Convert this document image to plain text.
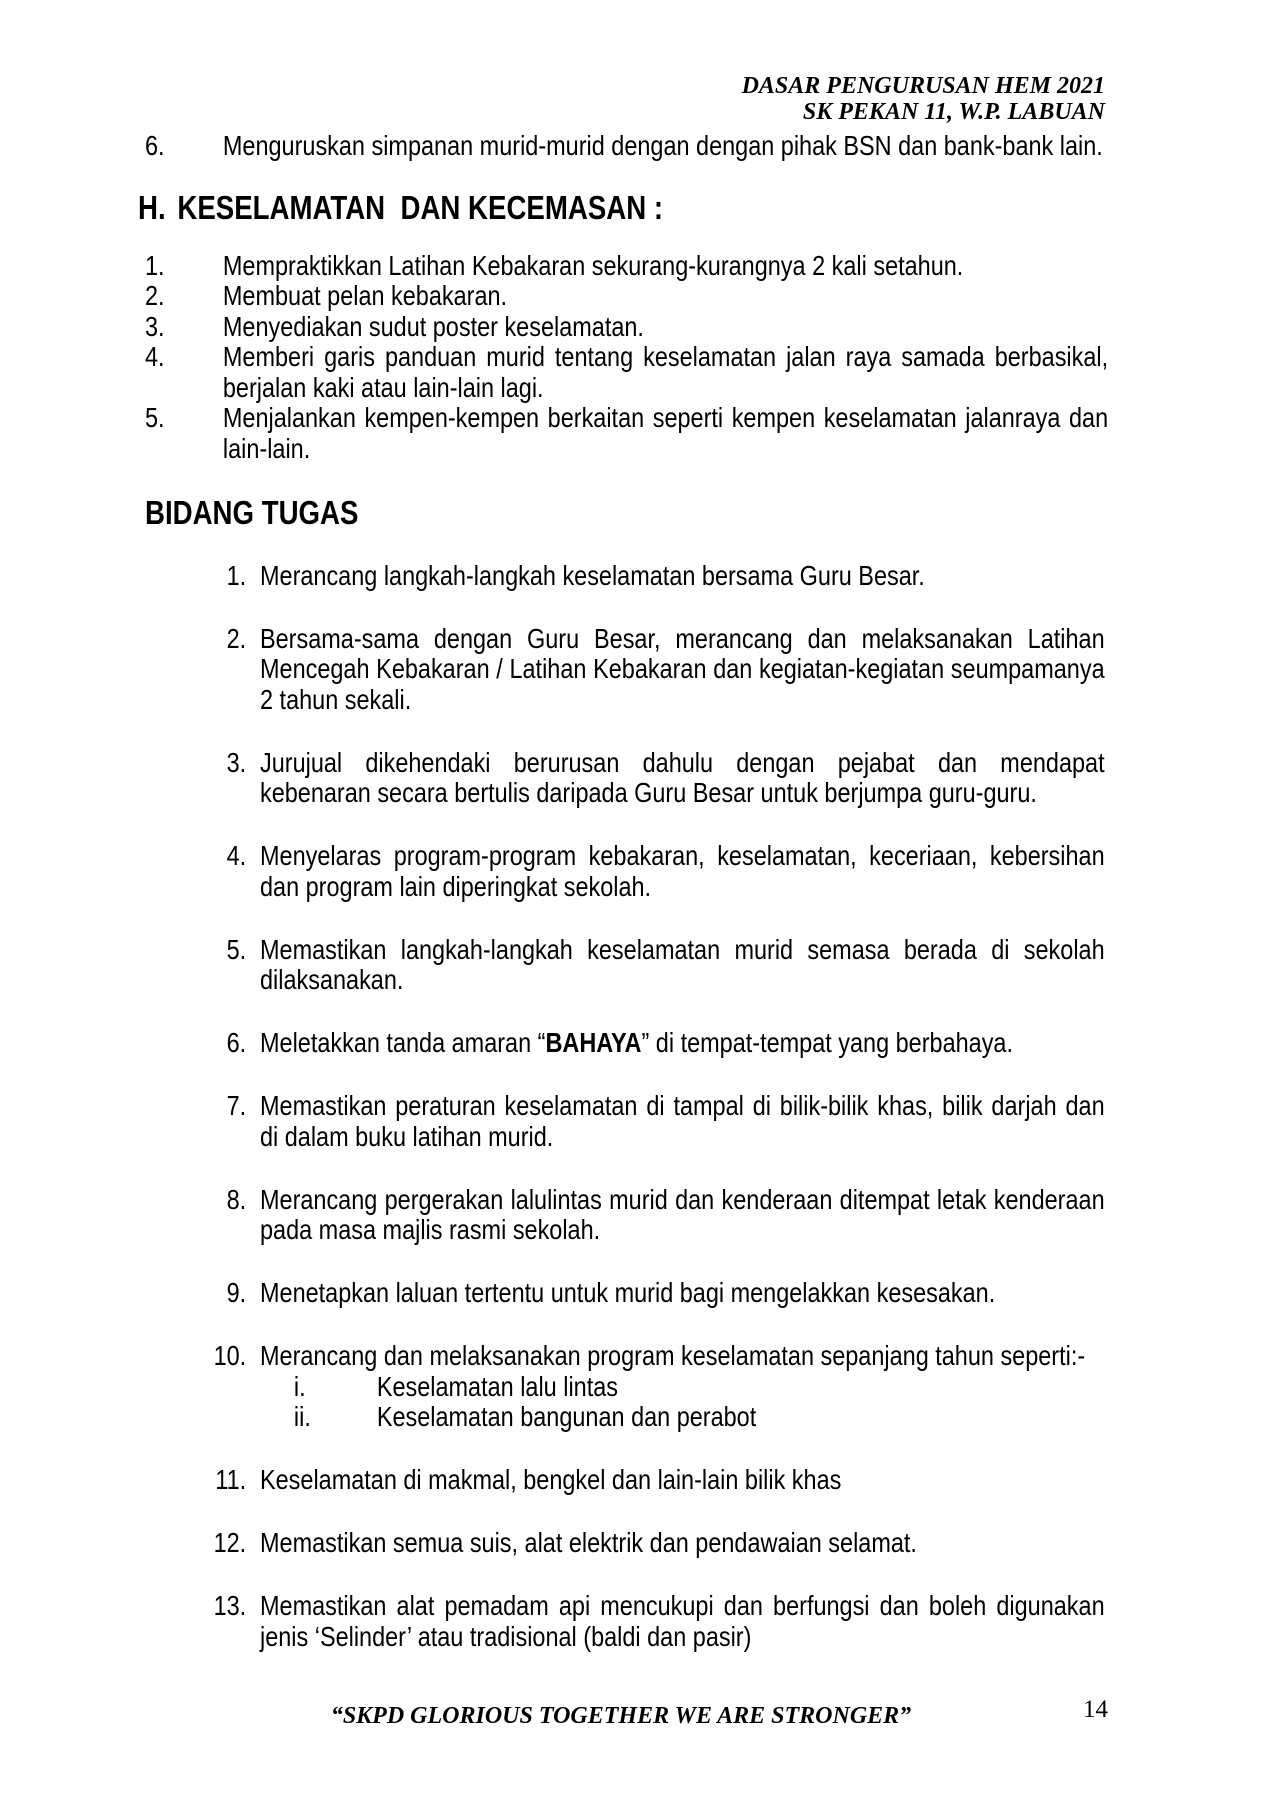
DASAR PENGURUSAN HEM 2021
SK PEKAN 11, W.P. LABUAN
6.	Menguruskan simpanan murid-murid dengan dengan pihak BSN dan bank-bank lain.
H. KESELAMATAN  DAN KECEMASAN :
1.	Mempraktikkan Latihan Kebakaran sekurang-kurangnya 2 kali setahun.
2.	Membuat pelan kebakaran.
3.	Menyediakan sudut poster keselamatan.
4.	Memberi garis panduan murid tentang keselamatan jalan raya samada berbasikal, berjalan kaki atau lain-lain lagi.
5.	Menjalankan kempen-kempen berkaitan seperti kempen keselamatan jalanraya dan lain-lain.
BIDANG TUGAS
1. Merancang langkah-langkah keselamatan bersama Guru Besar.
2. Bersama-sama dengan Guru Besar, merancang dan melaksanakan Latihan Mencegah Kebakaran / Latihan Kebakaran dan kegiatan-kegiatan seumpamanya 2 tahun sekali.
3. Jurujual dikehendaki berurusan dahulu dengan pejabat dan mendapat kebenaran secara bertulis daripada Guru Besar untuk berjumpa guru-guru.
4. Menyelaras program-program kebakaran, keselamatan, keceriaan, kebersihan dan program lain diperingkat sekolah.
5. Memastikan langkah-langkah keselamatan murid semasa berada di sekolah dilaksanakan.
6. Meletakkan tanda amaran “BAHAYA” di tempat-tempat yang berbahaya.
7. Memastikan peraturan keselamatan di tampal di bilik-bilik khas, bilik darjah dan di dalam buku latihan murid.
8. Merancang pergerakan lalulintas murid dan kenderaan ditempat letak kenderaan pada masa majlis rasmi sekolah.
9. Menetapkan laluan tertentu untuk murid bagi mengelakkan kesesakan.
10. Merancang dan melaksanakan program keselamatan sepanjang tahun seperti:-
i.	Keselamatan lalu lintas
ii.	Keselamatan bangunan dan perabot
11. Keselamatan di makmal, bengkel dan lain-lain bilik khas
12. Memastikan semua suis, alat elektrik dan pendawaian selamat.
13. Memastikan alat pemadam api mencukupi dan berfungsi dan boleh digunakan jenis ‘Selinder’ atau tradisional (baldi dan pasir)
“SKPD GLORIOUS TOGETHER WE ARE STRONGER”	14
